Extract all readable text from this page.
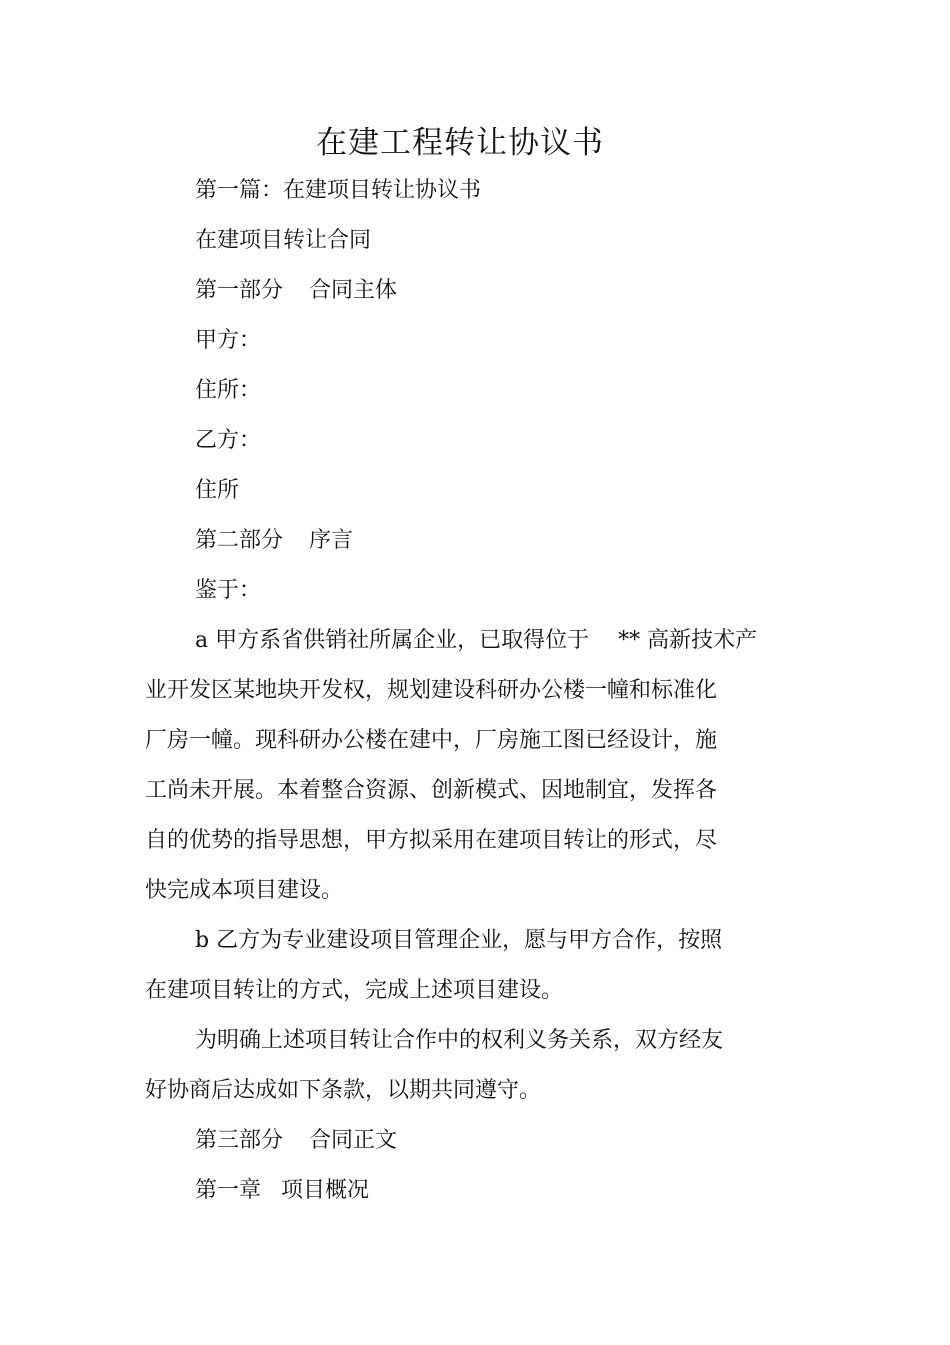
在建工程转让协议书
第一篇：在建项目转让协议书
在建项目转让合同
第一部分 合同主体
甲方：
住所：
乙方：
住所
第二部分 序言
鉴于：
a 甲方系省供销社所属企业，已取得位于　 ** 高新技术产
业开发区某地块开发权，规划建设科研办公楼一幢和标准化
厂房一幢。现科研办公楼在建中，厂房施工图已经设计，施
工尚未开展。本着整合资源、创新模式、因地制宜，发挥各
自的优势的指导思想，甲方拟采用在建项目转让的形式，尽
快完成本项目建设。
b 乙方为专业建设项目管理企业，愿与甲方合作，按照
在建项目转让的方式，完成上述项目建设。
为明确上述项目转让合作中的权利义务关系，双方经友
好协商后达成如下条款，以期共同遵守。
第三部分 合同正文
第一章 项目概况
